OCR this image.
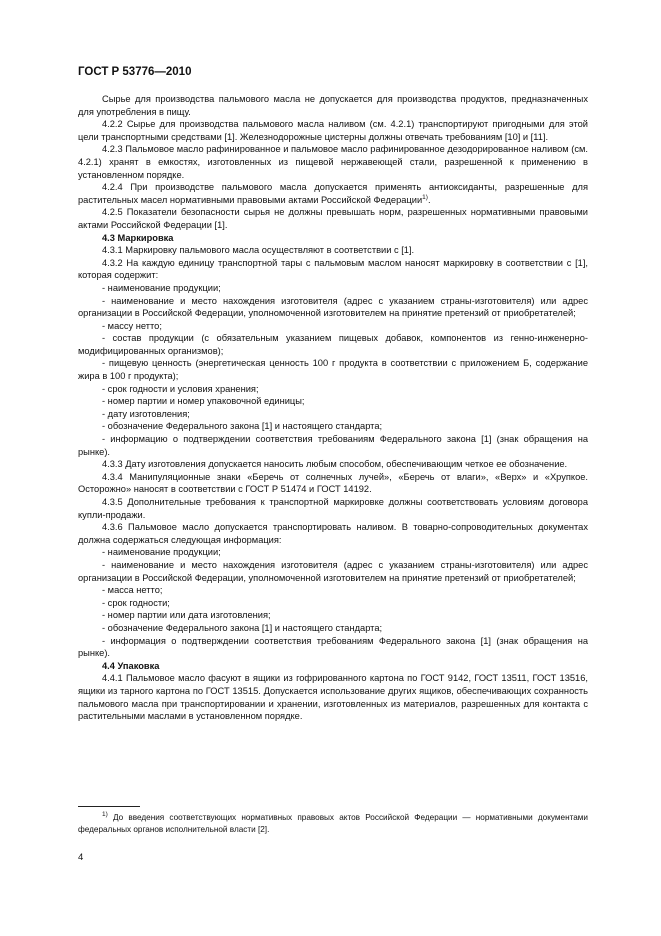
ГОСТ Р 53776—2010

Сырье для производства пальмового масла не допускается для производства продуктов, предназначенных для употребления в пищу.

4.2.2 Сырье для производства пальмового масла наливом (см. 4.2.1) транспортируют пригодными для этой цели транспортными средствами [1]. Железнодорожные цистерны должны отвечать требованиям [10] и [11].

4.2.3 Пальмовое масло рафинированное и пальмовое масло рафинированное дезодорированное наливом (см. 4.2.1) хранят в емкостях, изготовленных из пищевой нержавеющей стали, разрешенной к применению в установленном порядке.

4.2.4 При производстве пальмового масла допускается применять антиоксиданты, разрешенные для растительных масел нормативными правовыми актами Российской Федерации$^{1)}$.

4.2.5 Показатели безопасности сырья не должны превышать норм, разрешенных нормативными правовыми актами Российской Федерации [1].

4.3 Маркировка

4.3.1 Маркировку пальмового масла осуществляют в соответствии с [1].

4.3.2 На каждую единицу транспортной тары с пальмовым маслом наносят маркировку в соответствии с [1], которая содержит:

- наименование продукции;

- наименование и место нахождения изготовителя (адрес с указанием страны-изготовителя) или адрес организации в Российской Федерации, уполномоченной изготовителем на принятие претензий от приобретателей;

- массу нетто;

- состав продукции (с обязательным указанием пищевых добавок, компонентов из генно-инженерно-модифицированных организмов);

- пищевую ценность (энергетическая ценность 100 г продукта в соответствии с приложением Б, содержание жира в 100 г продукта);

- срок годности и условия хранения;

- номер партии и номер упаковочной единицы;

- дату изготовления;

- обозначение Федерального закона [1] и настоящего стандарта;

- информацию о подтверждении соответствия требованиям Федерального закона [1] (знак обращения на рынке).

4.3.3 Дату изготовления допускается наносить любым способом, обеспечивающим четкое ее обозначение.

4.3.4 Манипуляционные знаки «Беречь от солнечных лучей», «Беречь от влаги», «Верх» и «Хрупкое. Осторожно» наносят в соответствии с ГОСТ Р 51474 и ГОСТ 14192.

4.3.5 Дополнительные требования к транспортной маркировке должны соответствовать условиям договора купли-продажи.

4.3.6 Пальмовое масло допускается транспортировать наливом. В товарно-сопроводительных документах должна содержаться следующая информация:

- наименование продукции;

- наименование и место нахождения изготовителя (адрес с указанием страны-изготовителя) или адрес организации в Российской Федерации, уполномоченной изготовителем на принятие претензий от приобретателей;

- масса нетто;

- срок годности;

- номер партии или дата изготовления;

- обозначение Федерального закона [1] и настоящего стандарта;

- информация о подтверждении соответствия требованиям Федерального закона [1] (знак обращения на рынке).

4.4 Упаковка

4.4.1 Пальмовое масло фасуют в ящики из гофрированного картона по ГОСТ 9142, ГОСТ 13511, ГОСТ 13516, ящики из тарного картона по ГОСТ 13515. Допускается использование других ящиков, обеспечивающих сохранность пальмового масла при транспортировании и хранении, изготовленных из материалов, разрешенных для контакта с растительными маслами в установленном порядке.

$^{1)}$ До введения соответствующих нормативных правовых актов Российской Федерации — нормативными документами федеральных органов исполнительной власти [2].

4
